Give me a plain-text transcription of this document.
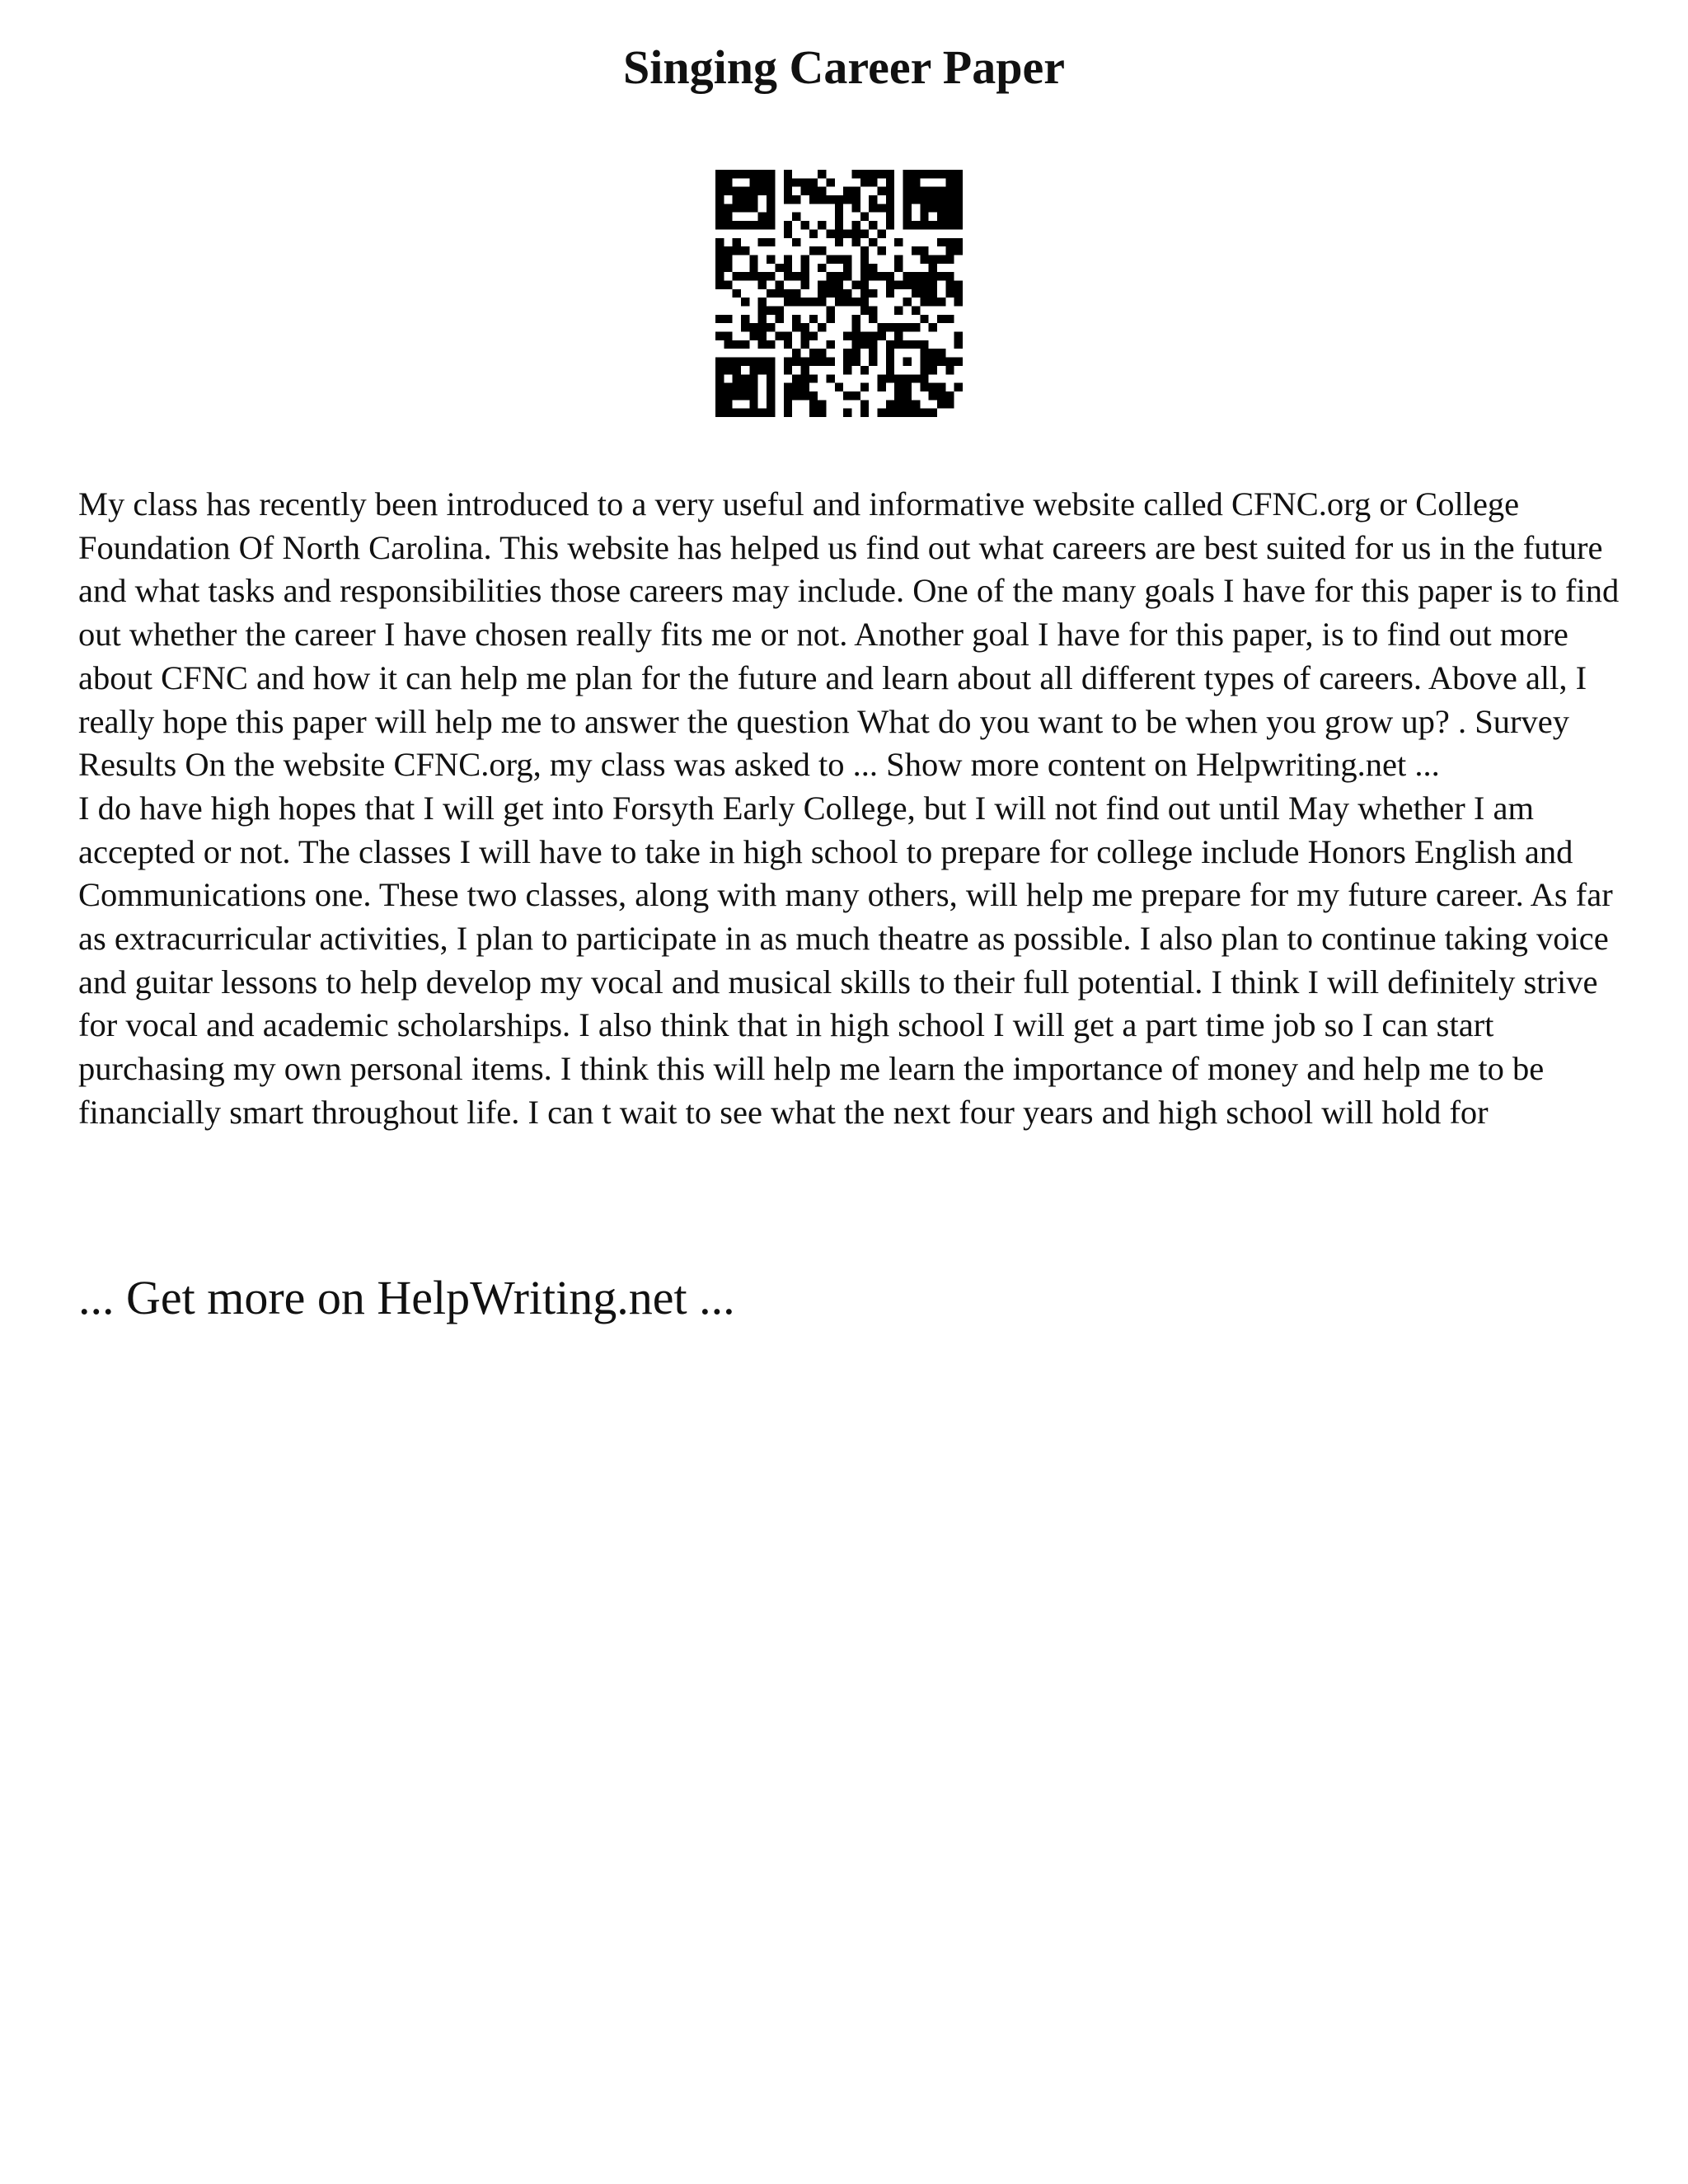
Singing Career Paper

My class has recently been introduced to a very useful and informative website called CFNC.org or College Foundation Of North Carolina. This website has helped us find out what careers are best suited for us in the future and what tasks and responsibilities those careers may include. One of the many goals I have for this paper is to find out whether the career I have chosen really fits me or not. Another goal I have for this paper, is to find out more about CFNC and how it can help me plan for the future and learn about all different types of careers. Above all, I really hope this paper will help me to answer the question What do you want to be when you grow up? . Survey Results On the website CFNC.org, my class was asked to ... Show more content on Helpwriting.net ...

I do have high hopes that I will get into Forsyth Early College, but I will not find out until May whether I am accepted or not. The classes I will have to take in high school to prepare for college include Honors English and Communications one. These two classes, along with many others, will help me prepare for my future career. As far as extracurricular activities, I plan to participate in as much theatre as possible. I also plan to continue taking voice and guitar lessons to help develop my vocal and musical skills to their full potential. I think I will definitely strive for vocal and academic scholarships. I also think that in high school I will get a part time job so I can start purchasing my own personal items. I think this will help me learn the importance of money and help me to be financially smart throughout life. I can t wait to see what the next four years and high school will hold for

... Get more on HelpWriting.net ...
